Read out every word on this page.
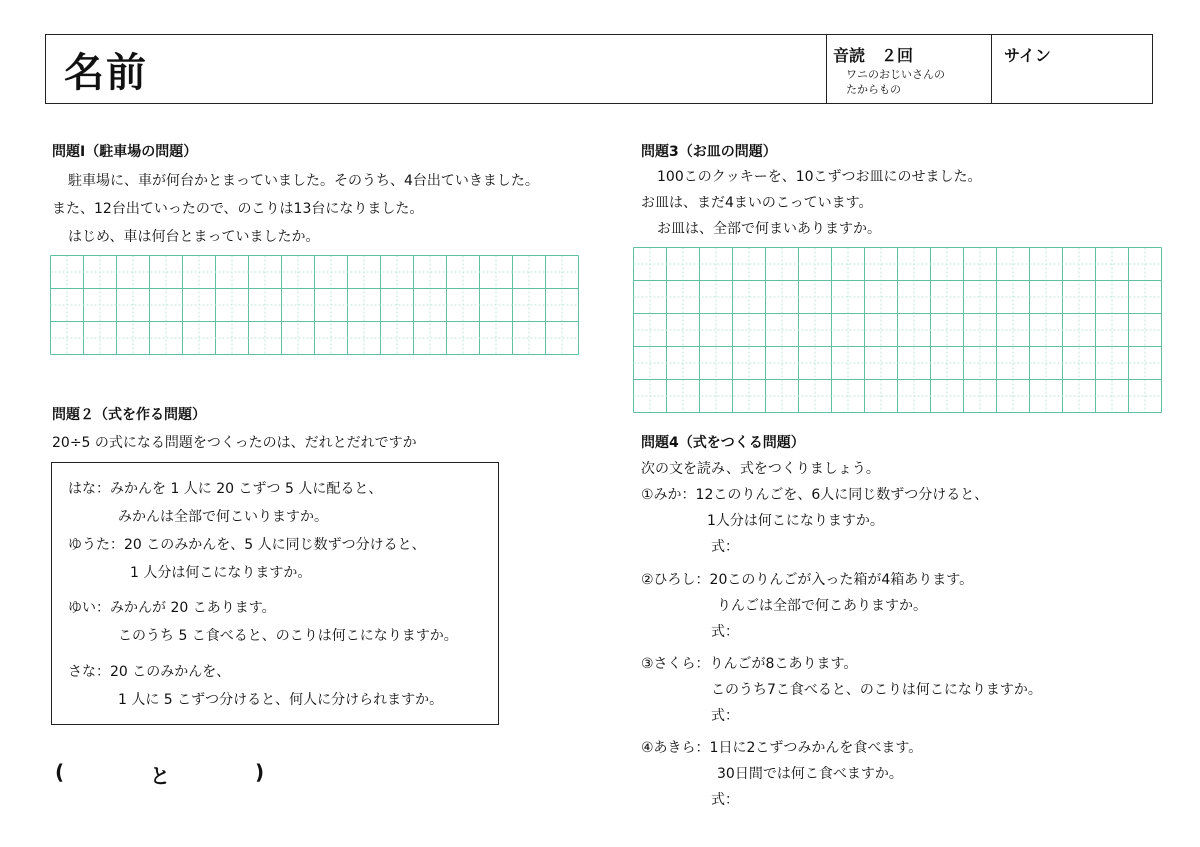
名前	音読　２回
ワニのおじいさんの
たからもの
サイン
問題Ⅰ（駐車場の問題）
駐車場に、車が何台かとまっていました。そのうち、4台出ていきました。
また、12台出ていったので、のこりは13台になりました。
はじめ、車は何台とまっていましたか。
問題２（式を作る問題）
20÷5 の式になる問題をつくったのは、だれとだれですか
はな：みかんを 1 人に 20 こずつ 5 人に配ると、
みかんは全部で何こいりますか。
ゆうた：20 このみかんを、5 人に同じ数ずつ分けると、
1 人分は何こになりますか。
ゆい：みかんが 20 こあります。
このうち 5 こ食べると、のこりは何こになりますか。
さな：20 このみかんを、
1 人に 5 こずつ分けると、何人に分けられますか。
(	と	)
問題3（お皿の問題）
100このクッキーを、10こずつお皿にのせました。
お皿は、まだ4まいのこっています。
お皿は、全部で何まいありますか。
問題4（式をつくる問題）
次の文を読み、式をつくりましょう。
①みか：12このりんごを、6人に同じ数ずつ分けると、
1人分は何こになりますか。
式：
②ひろし：20このりんごが入った箱が4箱あります。
りんごは全部で何こありますか。
式：
③さくら：りんごが8こあります。
このうち7こ食べると、のこりは何こになりますか。
式：
④あきら：1日に2こずつみかんを食べます。
30日間では何こ食べますか。
式：
